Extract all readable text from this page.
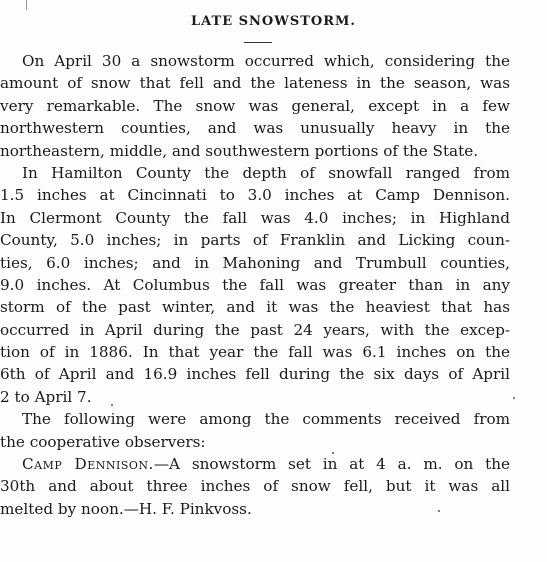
LATE SNOWSTORM.
On April 30 a snowstorm occurred which, considering the
amount of snow that fell and the lateness in the season, was
very remarkable. The snow was general, except in a few
northwestern counties, and was unusually heavy in the
northeastern, middle, and southwestern portions of the State.
In Hamilton County the depth of snowfall ranged from
1.5 inches at Cincinnati to 3.0 inches at Camp Dennison.
In Clermont County the fall was 4.0 inches; in Highland
County, 5.0 inches; in parts of Franklin and Licking coun-
ties, 6.0 inches; and in Mahoning and Trumbull counties,
9.0 inches. At Columbus the fall was greater than in any
storm of the past winter, and it was the heaviest that has
occurred in April during the past 24 years, with the excep-
tion of in 1886. In that year the fall was 6.1 inches on the
6th of April and 16.9 inches fell during the six days of April
2 to April 7.
The following were among the comments received from
the cooperative observers:
Camp Dennison.—A snowstorm set in at 4 a. m. on the
30th and about three inches of snow fell, but it was all
melted by noon.—H. F. Pinkvoss.
